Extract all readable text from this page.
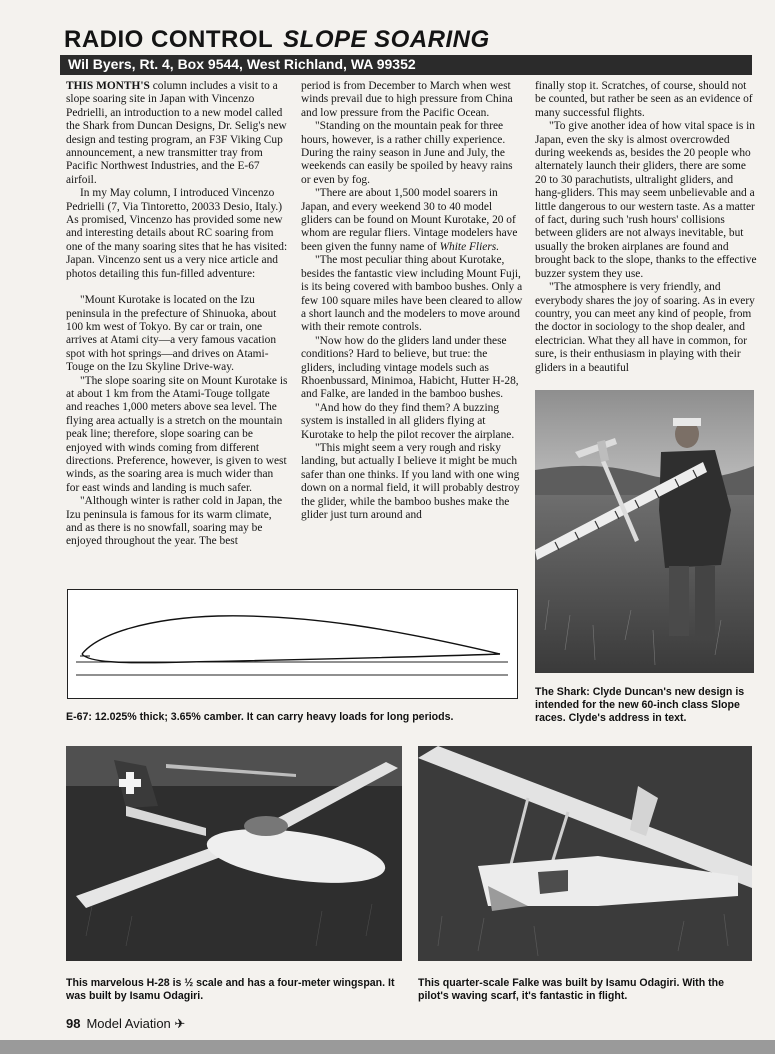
RADIO CONTROL SLOPE SOARING
Wil Byers, Rt. 4, Box 9544, West Richland, WA 99352

THIS MONTH'S column includes a visit to a slope soaring site in Japan with Vincenzo Pedrielli, an introduction to a new model called the Shark from Duncan Designs, Dr. Selig's new design and testing program, an F3F Viking Cup announcement, a new transmitter tray from Pacific Northwest Industries, and the E-67 airfoil.

In my May column, I introduced Vincenzo Pedrielli (7, Via Tintoretto, 20033 Desio, Italy.) As promised, Vincenzo has provided some new and interesting details about RC soaring from one of the many soaring sites that he has visited: Japan. Vincenzo sent us a very nice article and photos detailing this fun-filled adventure:

"Mount Kurotake is located on the Izu peninsula in the prefecture of Shinuoka, about 100 km west of Tokyo. By car or train, one arrives at Atami city—a very famous vacation spot with hot springs—and drives on Atami-Touge on the Izu Skyline Drive-way.

"The slope soaring site on Mount Kurotake is at about 1 km from the Atami-Touge tollgate and reaches 1,000 meters above sea level. The flying area actually is a stretch on the mountain peak line; therefore, slope soaring can be enjoyed with winds coming from different directions. Preference, however, is given to west winds, as the soaring area is much wider than for east winds and landing is much safer.

"Although winter is rather cold in Japan, the Izu peninsula is famous for its warm climate, and as there is no snowfall, soaring may be enjoyed throughout the year. The best

period is from December to March when west winds prevail due to high pressure from China and low pressure from the Pacific Ocean.

"Standing on the mountain peak for three hours, however, is a rather chilly experience. During the rainy season in June and July, the weekends can easily be spoiled by heavy rains or even by fog.

"There are about 1,500 model soarers in Japan, and every weekend 30 to 40 model gliders can be found on Mount Kurotake, 20 of whom are regular fliers. Vintage modelers have been given the funny name of White Fliers.

"The most peculiar thing about Kurotake, besides the fantastic view including Mount Fuji, is its being covered with bamboo bushes. Only a few 100 square miles have been cleared to allow a short launch and the modelers to move around with their remote controls.

"Now how do the gliders land under these conditions? Hard to believe, but true: the gliders, including vintage models such as Rhoenbussard, Minimoa, Habicht, Hutter H-28, and Falke, are landed in the bamboo bushes.

"And how do they find them? A buzzing system is installed in all gliders flying at Kurotake to help the pilot recover the airplane.

"This might seem a very rough and risky landing, but actually I believe it might be much safer than one thinks. If you land with one wing down on a normal field, it will probably destroy the glider, while the bamboo bushes make the glider just turn around and

finally stop it. Scratches, of course, should not be counted, but rather be seen as an evidence of many successful flights.

"To give another idea of how vital space is in Japan, even the sky is almost overcrowded during weekends as, besides the 20 people who alternately launch their gliders, there are some 20 to 30 parachutists, ultralight gliders, and hang-gliders. This may seem unbelievable and a little dangerous to our western taste. As a matter of fact, during such 'rush hours' collisions between gliders are not always inevitable, but usually the broken airplanes are found and brought back to the slope, thanks to the effective buzzer system they use.

"The atmosphere is very friendly, and everybody shares the joy of soaring. As in every country, you can meet any kind of people, from the doctor in sociology to the shop dealer, and electrician. What they all have in common, for sure, is their enthusiasm in playing with their gliders in a beautiful

E-67: 12.025% thick; 3.65% camber. It can carry heavy loads for long periods.
The Shark: Clyde Duncan's new design is intended for the new 60-inch class Slope races. Clyde's address in text.
This marvelous H-28 is ½ scale and has a four-meter wingspan. It was built by Isamu Odagiri.
This quarter-scale Falke was built by Isamu Odagiri. With the pilot's waving scarf, it's fantastic in flight.
98 Model Aviation ✈
